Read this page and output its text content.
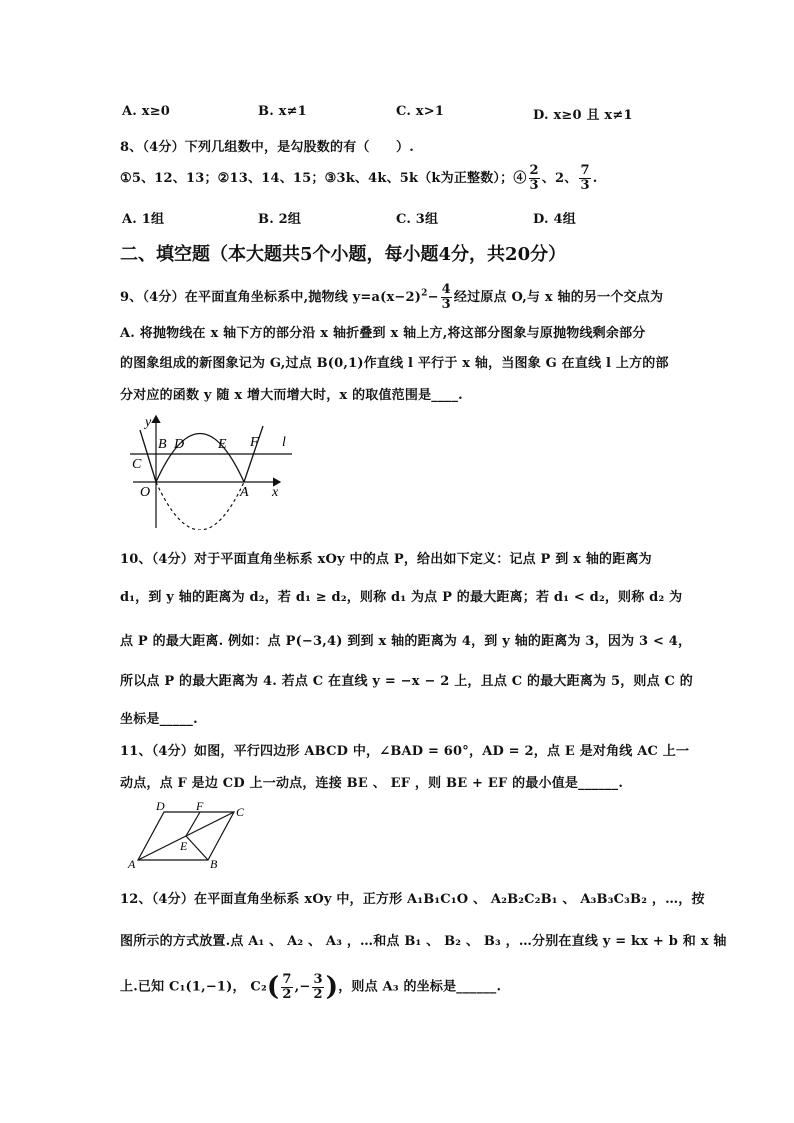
A. x≥0	B. x≠1	C. x>1	D. x≥0 且 x≠1
8、（4分）下列几组数中，是勾股数的有（　　）.
①5、12、13；②13、14、15；③3k、4k、5k（k为正整数）；④ $\frac{2}{3}$ 、2、 $\frac{7}{3}$ .
A. 1组	B. 2组	C. 3组	D. 4组
二、填空题（本大题共5个小题，每小题4分，共20分）
9、（4分）在平面直角坐标系中,抛物线 $y=a(x-2)^2- \frac{4}{3}$ 经过原点 O,与 x 轴的另一个交点为
A. 将抛物线在 x 轴下方的部分沿 x 轴折叠到 x 轴上方,将这部分图象与原抛物线剩余部分
的图象组成的新图象记为 G,过点 B(0,1)作直线 l 平行于 x 轴，当图象 G 在直线 l 上方的部
分对应的函数 y 随 x 增大而增大时，x 的取值范围是____.
y
x
O	A
B
C
D E F l
10、（4分）对于平面直角坐标系 xOy 中的点 P，给出如下定义：记点 P 到 x 轴的距离为
d₁，到 y 轴的距离为 d₂，若 d₁ ≥ d₂，则称 d₁ 为点 P 的最大距离；若 d₁ < d₂，则称 d₂ 为
点 P 的最大距离. 例如：点 P(−3,4) 到到 x 轴的距离为 4，到 y 轴的距离为 3，因为 3 < 4，
所以点 P 的最大距离为 4. 若点 C 在直线 y = −x − 2 上，且点 C 的最大距离为 5，则点 C 的
坐标是_____.
11、（4分）如图，平行四边形 ABCD 中，∠BAD = 60°，AD = 2，点 E 是对角线 AC 上一
动点，点 F 是边 CD 上一动点，连接 BE 、 EF ，则 BE + EF 的最小值是______.
A	B
C
D
E
F
12、（4分）在平面直角坐标系 xOy 中，正方形 A₁B₁C₁O 、 A₂B₂C₂B₁ 、 A₃B₃C₃B₂ ，…，按
图所示的方式放置.点 A₁ 、 A₂ 、 A₃ ，…和点 B₁ 、 B₂ 、 B₃ ，…分别在直线 y = kx + b 和 x 轴
上.已知 C₁(1,−1)， $C_2( \frac{7}{2}$ ,− $\frac{3}{2}$ )，则点 A₃ 的坐标是______.
